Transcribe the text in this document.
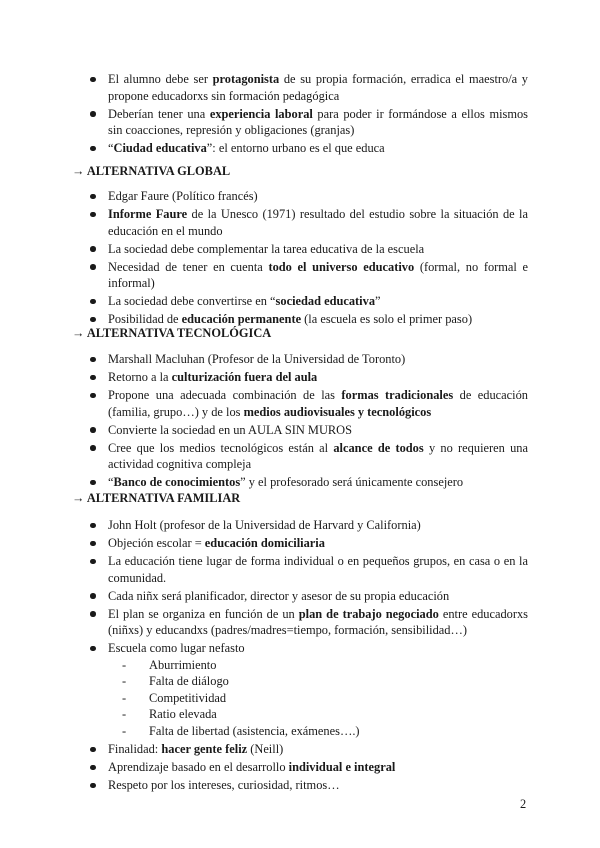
El alumno debe ser protagonista de su propia formación, erradica el maestro/a y propone educadorxs sin formación pedagógica
Deberían tener una experiencia laboral para poder ir formándose a ellos mismos sin coacciones, represión y obligaciones (granjas)
“Ciudad educativa”: el entorno urbano es el que educa
→ ALTERNATIVA GLOBAL
Edgar Faure (Político francés)
Informe Faure de la Unesco (1971) resultado del estudio sobre la situación de la educación en el mundo
La sociedad debe complementar la tarea educativa de la escuela
Necesidad de tener en cuenta todo el universo educativo (formal, no formal e informal)
La sociedad debe convertirse en “sociedad educativa”
Posibilidad de educación permanente (la escuela es solo el primer paso)
→ ALTERNATIVA TECNOLÓGICA
Marshall Macluhan (Profesor de la Universidad de Toronto)
Retorno a la culturización fuera del aula
Propone una adecuada combinación de las formas tradicionales de educación (familia, grupo…) y de los medios audiovisuales y tecnológicos
Convierte la sociedad en un AULA SIN MUROS
Cree que los medios tecnológicos están al alcance de todos y no requieren una actividad cognitiva compleja
“Banco de conocimientos” y el profesorado será únicamente consejero
→ ALTERNATIVA FAMILIAR
John Holt (profesor de la Universidad de Harvard y California)
Objeción escolar = educación domiciliaria
La educación tiene lugar de forma individual o en pequeños grupos, en casa o en la comunidad.
Cada niñx será planificador, director y asesor de su propia educación
El plan se organiza en función de un plan de trabajo negociado entre educadorxs (niñxs) y educandxs (padres/madres=tiempo, formación, sensibilidad…)
Escuela como lugar nefasto
- Aburrimiento
- Falta de diálogo
- Competitividad
- Ratio elevada
- Falta de libertad (asistencia, exámenes….)
Finalidad: hacer gente feliz (Neill)
Aprendizaje basado en el desarrollo individual e integral
Respeto por los intereses, curiosidad, ritmos…
2
